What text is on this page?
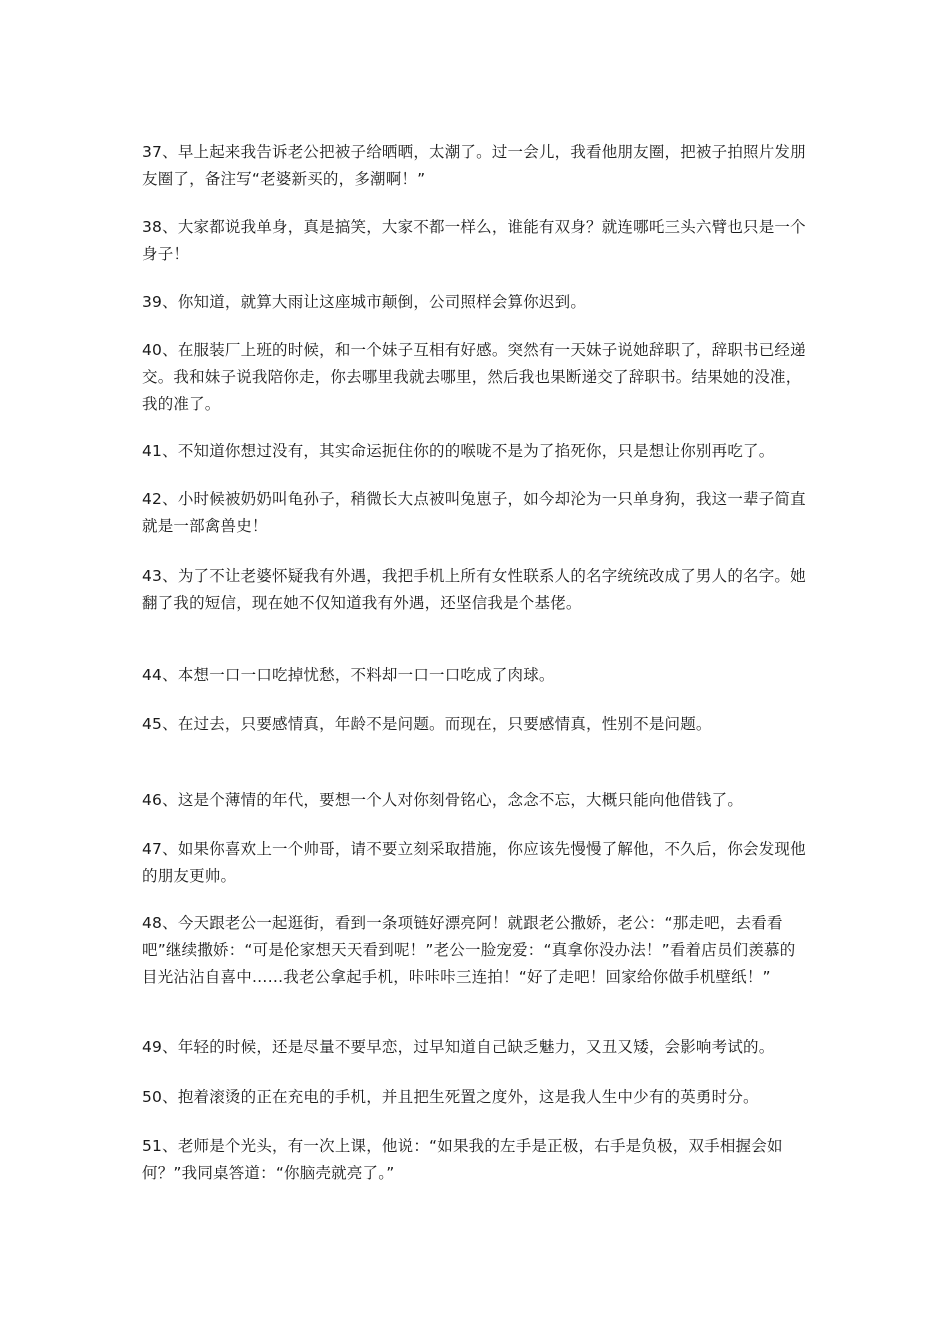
37、早上起来我告诉老公把被子给晒晒，太潮了。过一会儿，我看他朋友圈，把被子拍照片发朋友圈了，备注写“老婆新买的，多潮啊！”

38、大家都说我单身，真是搞笑，大家不都一样么，谁能有双身？就连哪吒三头六臂也只是一个身子！

39、你知道，就算大雨让这座城市颠倒，公司照样会算你迟到。

40、在服装厂上班的时候，和一个妹子互相有好感。突然有一天妹子说她辞职了，辞职书已经递交。我和妹子说我陪你走，你去哪里我就去哪里，然后我也果断递交了辞职书。结果她的没准，我的准了。

41、不知道你想过没有，其实命运扼住你的的喉咙不是为了掐死你，只是想让你别再吃了。

42、小时候被奶奶叫龟孙子，稍微长大点被叫兔崽子，如今却沦为一只单身狗，我这一辈子简直就是一部禽兽史！

43、为了不让老婆怀疑我有外遇，我把手机上所有女性联系人的名字统统改成了男人的名字。她翻了我的短信，现在她不仅知道我有外遇，还坚信我是个基佬。

44、本想一口一口吃掉忧愁，不料却一口一口吃成了肉球。

45、在过去，只要感情真，年龄不是问题。而现在，只要感情真，性别不是问题。

46、这是个薄情的年代，要想一个人对你刻骨铭心，念念不忘，大概只能向他借钱了。

47、如果你喜欢上一个帅哥，请不要立刻采取措施，你应该先慢慢了解他，不久后，你会发现他的朋友更帅。

48、今天跟老公一起逛街，看到一条项链好漂亮阿！就跟老公撒娇，老公：“那走吧，去看看吧”继续撒娇：“可是伦家想天天看到呢！”老公一脸宠爱：“真拿你没办法！”看着店员们羡慕的目光沾沾自喜中……我老公拿起手机，咔咔咔三连拍！“好了走吧！回家给你做手机壁纸！”

49、年轻的时候，还是尽量不要早恋，过早知道自己缺乏魅力，又丑又矮，会影响考试的。

50、抱着滚烫的正在充电的手机，并且把生死置之度外，这是我人生中少有的英勇时分。

51、老师是个光头，有一次上课，他说：“如果我的左手是正极，右手是负极，双手相握会如何？”我同桌答道：“你脑壳就亮了。”
